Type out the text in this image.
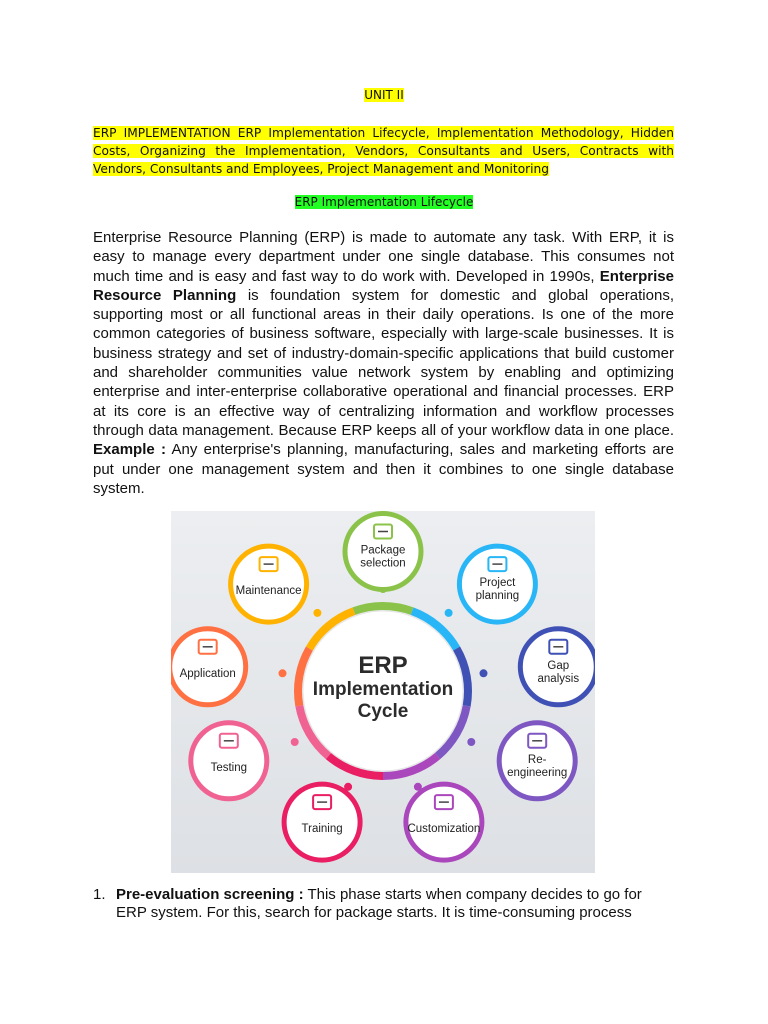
UNIT II
ERP IMPLEMENTATION ERP Implementation Lifecycle, Implementation Methodology, Hidden Costs, Organizing the Implementation, Vendors, Consultants and Users, Contracts with Vendors, Consultants and Employees, Project Management and Monitoring
ERP Implementation Lifecycle
Enterprise Resource Planning (ERP) is made to automate any task. With ERP, it is easy to manage every department under one single database. This consumes not much time and is easy and fast way to do work with. Developed in 1990s, Enterprise Resource Planning is foundation system for domestic and global operations, supporting most or all functional areas in their daily operations. Is one of the more common categories of business software, especially with large-scale businesses. It is business strategy and set of industry-domain-specific applications that build customer and shareholder communities value network system by enabling and optimizing enterprise and inter-enterprise collaborative operational and financial processes. ERP at its core is an effective way of centralizing information and workflow processes through data management. Because ERP keeps all of your workflow data in one place. Example : Any enterprise's planning, manufacturing, sales and marketing efforts are put under one management system and then it combines to one single database system.
ERP
Implementation
Cycle
Package
selection
Project
planning
Gap
analysis
Re-
engineering
Customization
Training
Testing
Application
Maintenance
1. Pre-evaluation screening : This phase starts when company decides to go for ERP system. For this, search for package starts. It is time-consuming process
